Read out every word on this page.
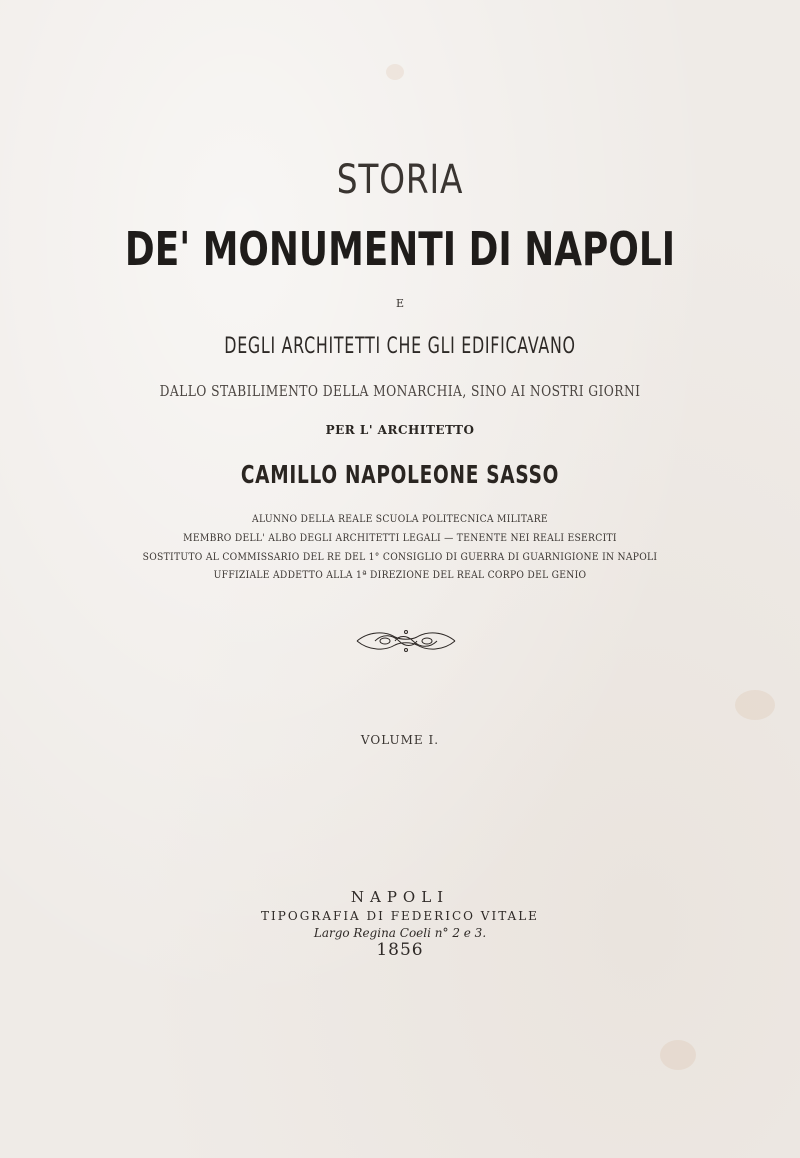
STORIA
DE' MONUMENTI DI NAPOLI
E
DEGLI ARCHITETTI CHE GLI EDIFICAVANO
DALLO STABILIMENTO DELLA MONARCHIA, SINO AI NOSTRI GIORNI
PER L' ARCHITETTO
CAMILLO NAPOLEONE SASSO
ALUNNO DELLA REALE SCUOLA POLITECNICA MILITARE
MEMBRO DELL' ALBO DEGLI ARCHITETTI LEGALI — TENENTE NEI REALI ESERCITI
SOSTITUTO AL COMMISSARIO DEL RE DEL 1° CONSIGLIO DI GUERRA DI GUARNIGIONE IN NAPOLI
UFFIZIALE ADDETTO ALLA 1ª DIREZIONE DEL REAL CORPO DEL GENIO
VOLUME I.
NAPOLI
TIPOGRAFIA DI FEDERICO VITALE
Largo Regina Coeli n° 2 e 3.
1856
